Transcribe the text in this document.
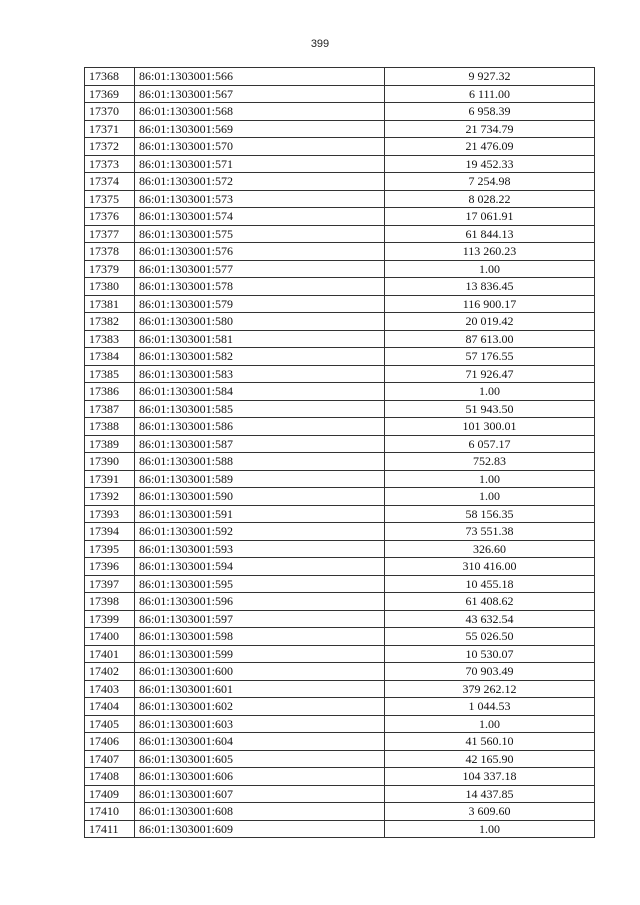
399
17368	86:01:1303001:566	9 927.32
17369	86:01:1303001:567	6 111.00
17370	86:01:1303001:568	6 958.39
17371	86:01:1303001:569	21 734.79
17372	86:01:1303001:570	21 476.09
17373	86:01:1303001:571	19 452.33
17374	86:01:1303001:572	7 254.98
17375	86:01:1303001:573	8 028.22
17376	86:01:1303001:574	17 061.91
17377	86:01:1303001:575	61 844.13
17378	86:01:1303001:576	113 260.23
17379	86:01:1303001:577	1.00
17380	86:01:1303001:578	13 836.45
17381	86:01:1303001:579	116 900.17
17382	86:01:1303001:580	20 019.42
17383	86:01:1303001:581	87 613.00
17384	86:01:1303001:582	57 176.55
17385	86:01:1303001:583	71 926.47
17386	86:01:1303001:584	1.00
17387	86:01:1303001:585	51 943.50
17388	86:01:1303001:586	101 300.01
17389	86:01:1303001:587	6 057.17
17390	86:01:1303001:588	752.83
17391	86:01:1303001:589	1.00
17392	86:01:1303001:590	1.00
17393	86:01:1303001:591	58 156.35
17394	86:01:1303001:592	73 551.38
17395	86:01:1303001:593	326.60
17396	86:01:1303001:594	310 416.00
17397	86:01:1303001:595	10 455.18
17398	86:01:1303001:596	61 408.62
17399	86:01:1303001:597	43 632.54
17400	86:01:1303001:598	55 026.50
17401	86:01:1303001:599	10 530.07
17402	86:01:1303001:600	70 903.49
17403	86:01:1303001:601	379 262.12
17404	86:01:1303001:602	1 044.53
17405	86:01:1303001:603	1.00
17406	86:01:1303001:604	41 560.10
17407	86:01:1303001:605	42 165.90
17408	86:01:1303001:606	104 337.18
17409	86:01:1303001:607	14 437.85
17410	86:01:1303001:608	3 609.60
17411	86:01:1303001:609	1.00
